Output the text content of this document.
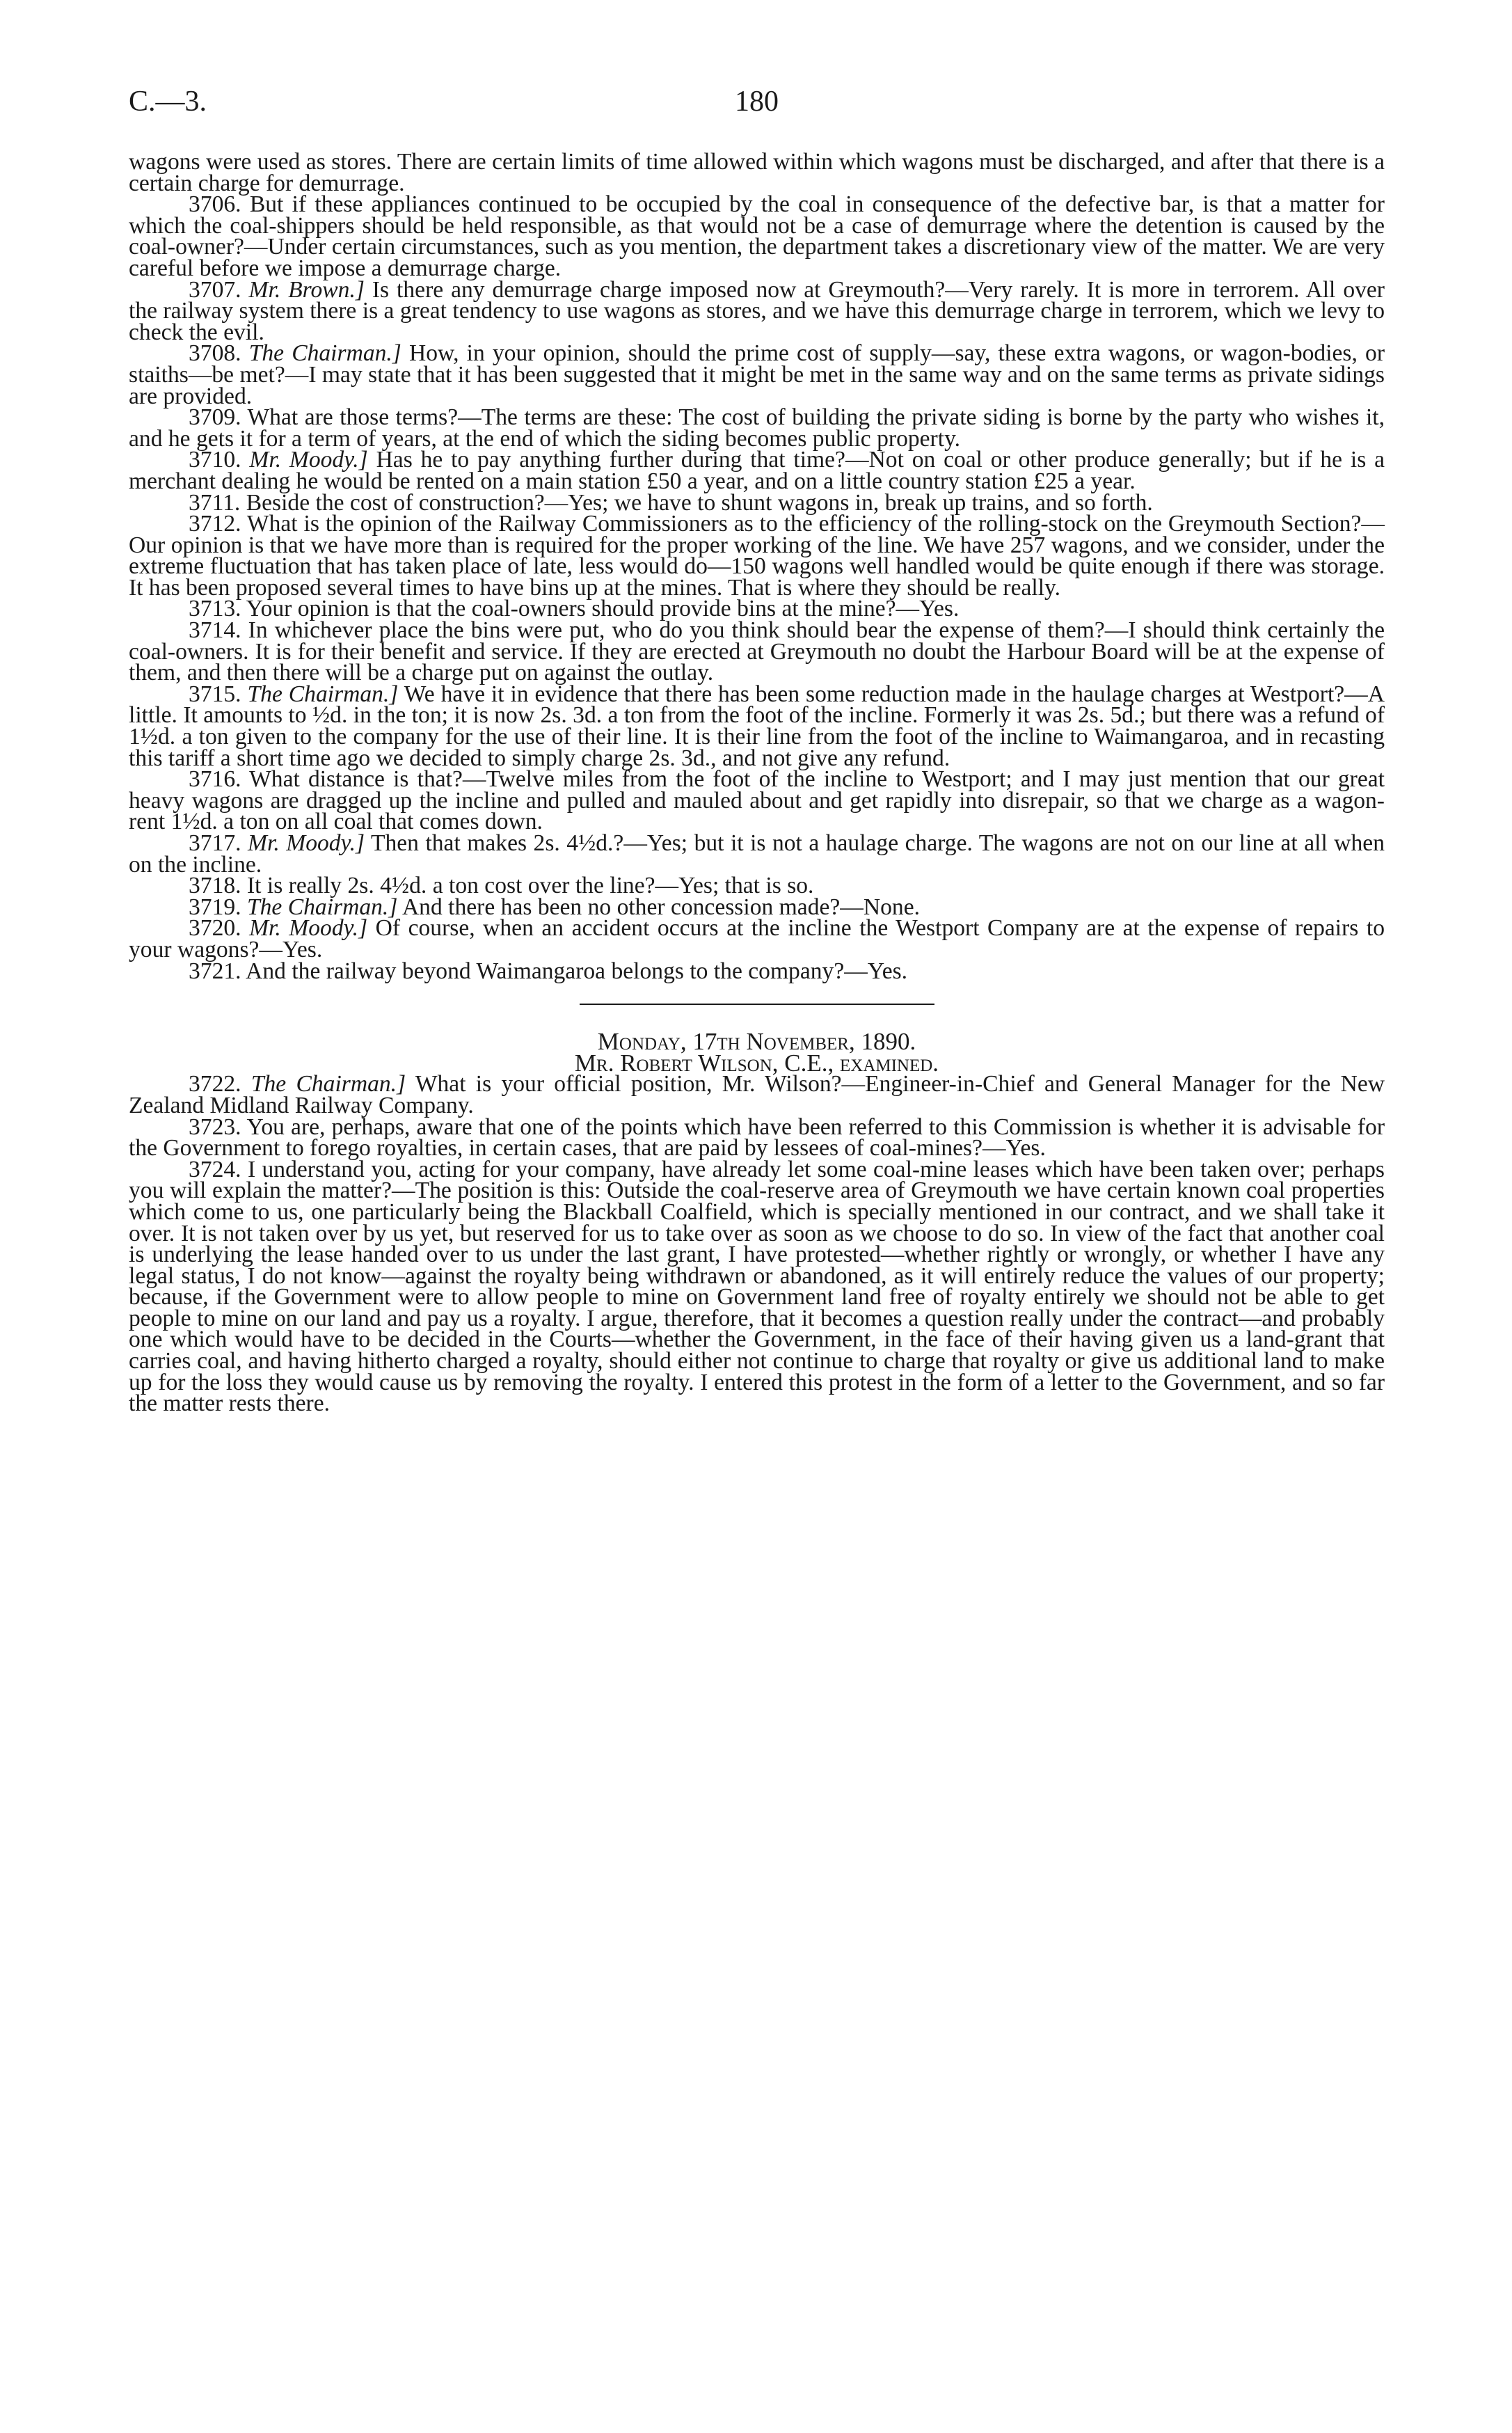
C.—3.	180

wagons were used as stores. There are certain limits of time allowed within which wagons must be discharged, and after that there is a certain charge for demurrage.

3706. But if these appliances continued to be occupied by the coal in consequence of the defective bar, is that a matter for which the coal-shippers should be held responsible, as that would not be a case of demurrage where the detention is caused by the coal-owner?—Under certain circumstances, such as you mention, the department takes a discretionary view of the matter. We are very careful before we impose a demurrage charge.

3707. Mr. Brown.] Is there any demurrage charge imposed now at Greymouth?—Very rarely. It is more in terrorem. All over the railway system there is a great tendency to use wagons as stores, and we have this demurrage charge in terrorem, which we levy to check the evil.

3708. The Chairman.] How, in your opinion, should the prime cost of supply—say, these extra wagons, or wagon-bodies, or staiths—be met?—I may state that it has been suggested that it might be met in the same way and on the same terms as private sidings are provided.

3709. What are those terms?—The terms are these: The cost of building the private siding is borne by the party who wishes it, and he gets it for a term of years, at the end of which the siding becomes public property.

3710. Mr. Moody.] Has he to pay anything further during that time?—Not on coal or other produce generally; but if he is a merchant dealing he would be rented on a main station £50 a year, and on a little country station £25 a year.

3711. Beside the cost of construction?—Yes; we have to shunt wagons in, break up trains, and so forth.

3712. What is the opinion of the Railway Commissioners as to the efficiency of the rolling-stock on the Greymouth Section?—Our opinion is that we have more than is required for the proper working of the line. We have 257 wagons, and we consider, under the extreme fluctuation that has taken place of late, less would do—150 wagons well handled would be quite enough if there was storage. It has been proposed several times to have bins up at the mines. That is where they should be really.

3713. Your opinion is that the coal-owners should provide bins at the mine?—Yes.

3714. In whichever place the bins were put, who do you think should bear the expense of them?—I should think certainly the coal-owners. It is for their benefit and service. If they are erected at Greymouth no doubt the Harbour Board will be at the expense of them, and then there will be a charge put on against the outlay.

3715. The Chairman.] We have it in evidence that there has been some reduction made in the haulage charges at Westport?—A little. It amounts to ½d. in the ton; it is now 2s. 3d. a ton from the foot of the incline. Formerly it was 2s. 5d.; but there was a refund of 1½d. a ton given to the company for the use of their line. It is their line from the foot of the incline to Waimangaroa, and in recasting this tariff a short time ago we decided to simply charge 2s. 3d., and not give any refund.

3716. What distance is that?—Twelve miles from the foot of the incline to Westport; and I may just mention that our great heavy wagons are dragged up the incline and pulled and mauled about and get rapidly into disrepair, so that we charge as a wagon-rent 1½d. a ton on all coal that comes down.

3717. Mr. Moody.] Then that makes 2s. 4½d.?—Yes; but it is not a haulage charge. The wagons are not on our line at all when on the incline.

3718. It is really 2s. 4½d. a ton cost over the line?—Yes; that is so.

3719. The Chairman.] And there has been no other concession made?—None.

3720. Mr. Moody.] Of course, when an accident occurs at the incline the Westport Company are at the expense of repairs to your wagons?—Yes.

3721. And the railway beyond Waimangaroa belongs to the company?—Yes.

Monday, 17th November, 1890.

Mr. Robert Wilson, C.E., examined.

3722. The Chairman.] What is your official position, Mr. Wilson?—Engineer-in-Chief and General Manager for the New Zealand Midland Railway Company.

3723. You are, perhaps, aware that one of the points which have been referred to this Commission is whether it is advisable for the Government to forego royalties, in certain cases, that are paid by lessees of coal-mines?—Yes.

3724. I understand you, acting for your company, have already let some coal-mine leases which have been taken over; perhaps you will explain the matter?—The position is this: Outside the coal-reserve area of Greymouth we have certain known coal properties which come to us, one particularly being the Blackball Coalfield, which is specially mentioned in our contract, and we shall take it over. It is not taken over by us yet, but reserved for us to take over as soon as we choose to do so. In view of the fact that another coal is underlying the lease handed over to us under the last grant, I have protested—whether rightly or wrongly, or whether I have any legal status, I do not know—against the royalty being withdrawn or abandoned, as it will entirely reduce the values of our property; because, if the Government were to allow people to mine on Government land free of royalty entirely we should not be able to get people to mine on our land and pay us a royalty. I argue, therefore, that it becomes a question really under the contract—and probably one which would have to be decided in the Courts—whether the Government, in the face of their having given us a land-grant that carries coal, and having hitherto charged a royalty, should either not continue to charge that royalty or give us additional land to make up for the loss they would cause us by removing the royalty. I entered this protest in the form of a letter to the Government, and so far the matter rests there.
